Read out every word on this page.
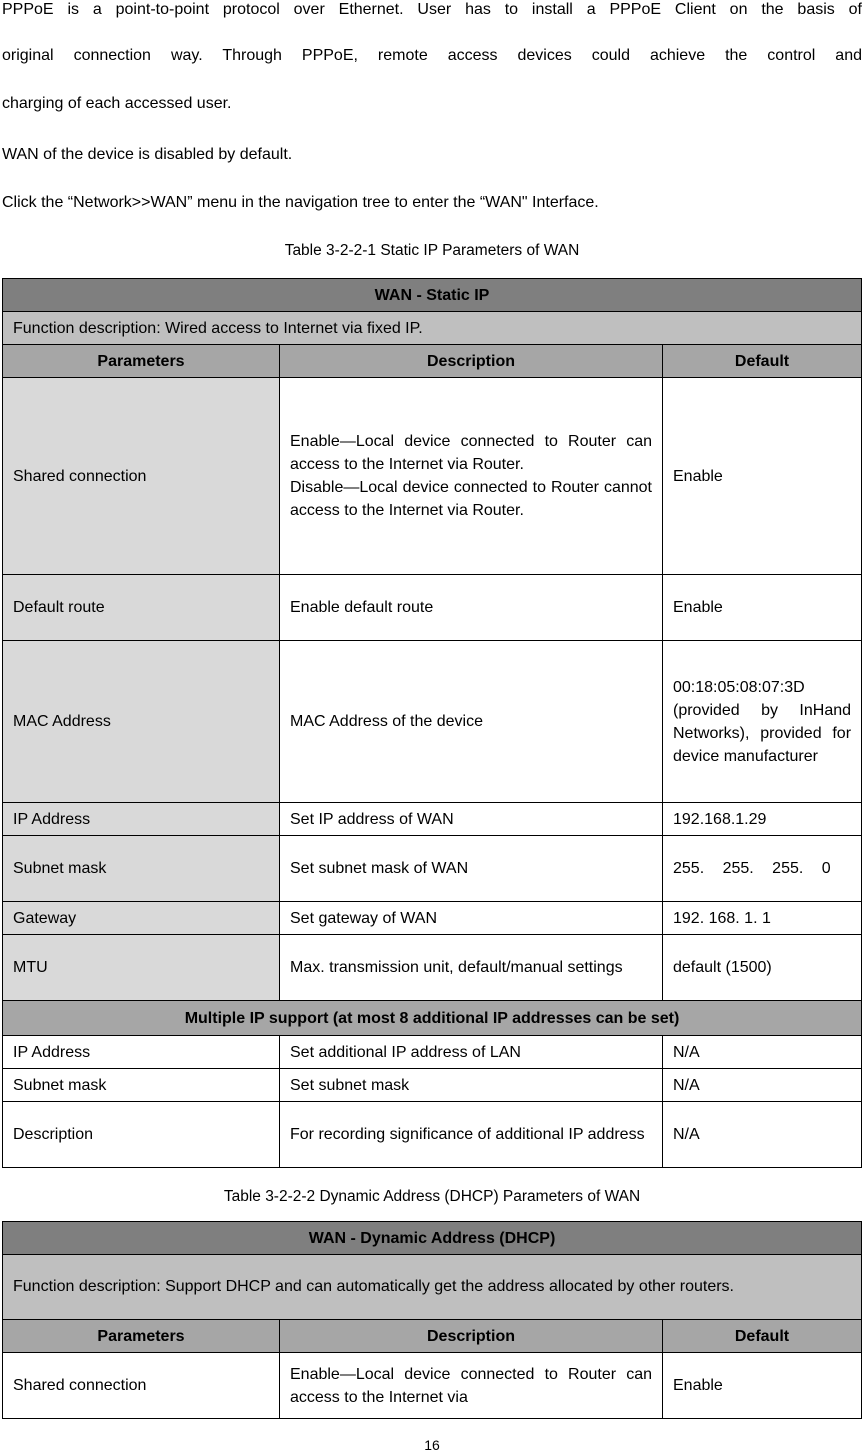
PPPoE is a point-to-point protocol over Ethernet. User has to install a PPPoE Client on the basis of

original connection way. Through PPPoE, remote access devices could achieve the control and

charging of each accessed user.

WAN of the device is disabled by default.

Click the “Network>>WAN” menu in the navigation tree to enter the “WAN" Interface.

Table 3-2-2-1 Static IP Parameters of WAN
WAN - Static IP		
Function description: Wired access to Internet via fixed IP.		
Parameters	Description	Default
Shared connection	Enable—Local device connected to Router can access to the Internet via Router.
Disable—Local device connected to Router cannot access to the Internet via Router.	Enable
Default route	Enable default route	Enable
MAC Address	MAC Address of the device	00:18:05:08:07:3D
(provided by InHand Networks), provided for device manufacturer

IP Address	Set IP address of WAN	192.168.1.29
Subnet mask	Set subnet mask of WAN	255. 255. 255. 0
Gateway	Set gateway of WAN	192. 168. 1. 1
MTU	Max. transmission unit, default/manual settings	default (1500)
Multiple IP support (at most 8 additional IP addresses can be set)		
IP Address	Set additional IP address of LAN	N/A
Subnet mask	Set subnet mask	N/A
Description	For recording significance of additional IP address	N/A
Table 3-2-2-2 Dynamic Address (DHCP) Parameters of WAN
WAN - Dynamic Address (DHCP)		
Function description: Support DHCP and can automatically get the address allocated by other routers.		
Parameters	Description	Default
Shared connection	Enable—Local device connected to Router can access to the Internet via	Enable
16
